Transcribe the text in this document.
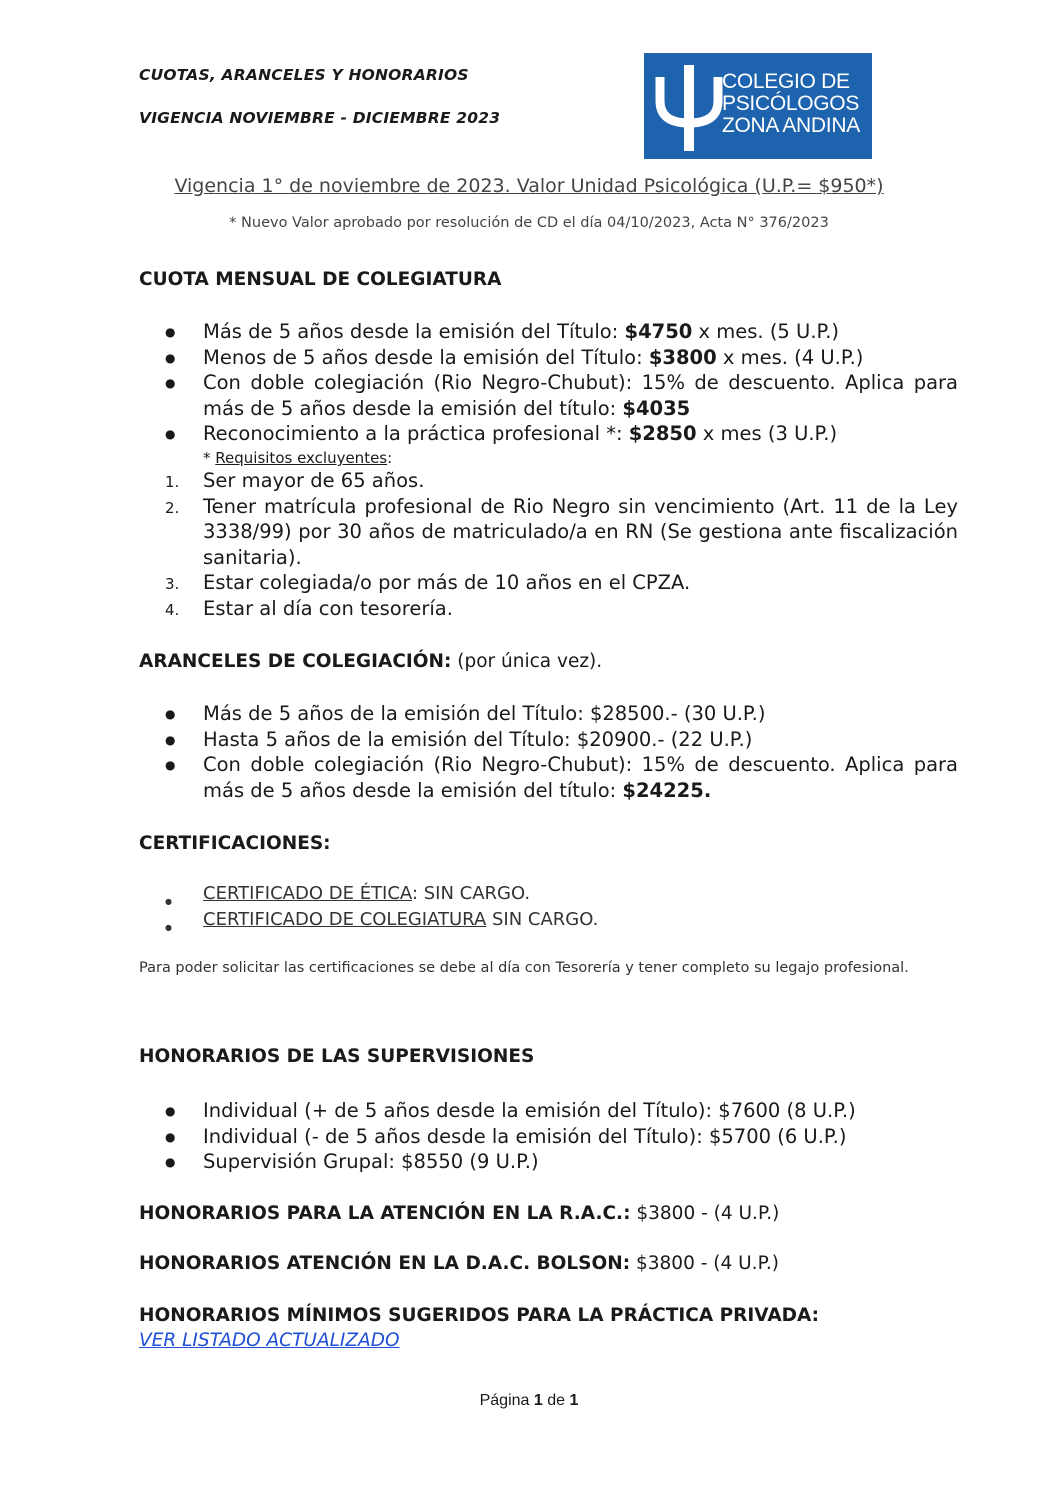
CUOTAS, ARANCELES Y HONORARIOS
VIGENCIA NOVIEMBRE - DICIEMBRE 2023
COLEGIO DE
PSICÓLOGOS
ZONA ANDINA
Vigencia 1° de noviembre de 2023. Valor Unidad Psicológica (U.P.= $950*)
* Nuevo Valor aprobado por resolución de CD el día 04/10/2023, Acta N° 376/2023
CUOTA MENSUAL DE COLEGIATURA
●	Más de 5 años desde la emisión del Título: $4750 x mes. (5 U.P.)
●	Menos de 5 años desde la emisión del Título: $3800 x mes. (4 U.P.)
●	Con doble colegiación (Rio Negro-Chubut): 15% de descuento. Aplica para más de 5 años desde la emisión del título: $4035
●	Reconocimiento a la práctica profesional *: $2850 x mes (3 U.P.)
* Requisitos excluyentes:
1. Ser mayor de 65 años.
2. Tener matrícula profesional de Rio Negro sin vencimiento (Art. 11 de la Ley 3338/99) por 30 años de matriculado/a en RN (Se gestiona ante fiscalización sanitaria).
3. Estar colegiada/o por más de 10 años en el CPZA.
4. Estar al día con tesorería.
ARANCELES DE COLEGIACIÓN: (por única vez).
●	Más de 5 años de la emisión del Título: $28500.- (30 U.P.)
●	Hasta 5 años de la emisión del Título: $20900.- (22 U.P.)
●	Con doble colegiación (Rio Negro-Chubut): 15% de descuento. Aplica para más de 5 años desde la emisión del título: $24225.
CERTIFICACIONES:
●	CERTIFICADO DE ÉTICA: SIN CARGO.
●	CERTIFICADO DE COLEGIATURA SIN CARGO.
Para poder solicitar las certificaciones se debe al día con Tesorería y tener completo su legajo profesional.
HONORARIOS DE LAS SUPERVISIONES
●	Individual (+ de 5 años desde la emisión del Título): $7600 (8 U.P.)
●	Individual (- de 5 años desde la emisión del Título): $5700 (6 U.P.)
●	Supervisión Grupal: $8550 (9 U.P.)
HONORARIOS PARA LA ATENCIÓN EN LA R.A.C.: $3800 - (4 U.P.)
HONORARIOS ATENCIÓN EN LA D.A.C. BOLSON: $3800 - (4 U.P.)
HONORARIOS MÍNIMOS SUGERIDOS PARA LA PRÁCTICA PRIVADA:
VER LISTADO ACTUALIZADO
Página 1 de 1
